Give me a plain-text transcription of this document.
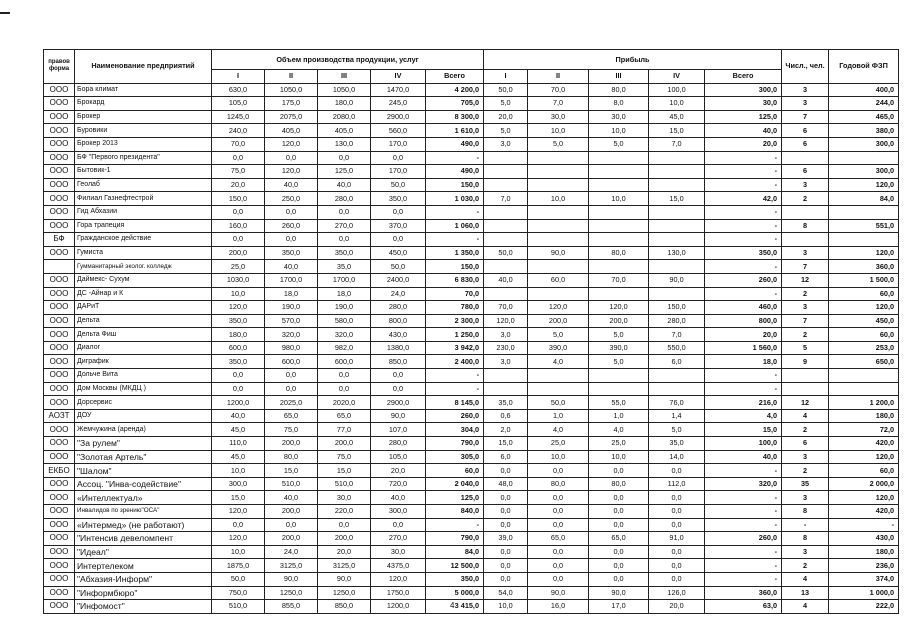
правов форма	Наименование предприятий	Объем производства продукции, услуг					Прибыль					Числ., чел.	Годовой ФЗП
		I	II	III	IV	Всего	I	II	III	IV	Всего		
ООО	Бора климат	630,0	1050,0	1050,0	1470,0	4 200,0	50,0	70,0	80,0	100,0	300,0	3	400,0
ООО	Брокард	105,0	175,0	180,0	245,0	705,0	5,0	7,0	8,0	10,0	30,0	3	244,0
ООО	Брокер	1245,0	2075,0	2080,0	2900,0	8 300,0	20,0	30,0	30,0	45,0	125,0	7	465,0
ООО	Буровики	240,0	405,0	405,0	560,0	1 610,0	5,0	10,0	10,0	15,0	40,0	6	380,0
ООО	Брокер 2013	70,0	120,0	130,0	170,0	490,0	3,0	5,0	5,0	7,0	20,0	6	300,0
ООО	БФ "Первого президента"	0,0	0,0	0,0	0,0	-					-		
ООО	Бытовик-1	75,0	120,0	125,0	170,0	490,0					-	6	300,0
ООО	Геолаб	20,0	40,0	40,0	50,0	150,0					-	3	120,0
ООО	Филиал Газнефтестрой	150,0	250,0	280,0	350,0	1 030,0	7,0	10,0	10,0	15,0	42,0	2	84,0
ООО	Гид Абхазии	0,0	0,0	0,0	0,0	-					-		
ООО	Гора трапеция	160,0	260,0	270,0	370,0	1 060,0					-	8	551,0
БФ	Гражданское действие	0,0	0,0	0,0	0,0	-					-		
ООО	Гумиста	200,0	350,0	350,0	450,0	1 350,0	50,0	90,0	80,0	130,0	350,0	3	120,0
	Гумманитарный эколог. колледж	25,0	40,0	35,0	50,0	150,0					-	7	360,0
ООО	Даймекс- Сухум	1030,0	1700,0	1700,0	2400,0	6 830,0	40,0	60,0	70,0	90,0	260,0	12	1 500,0
ООО	ДС -Айнар и К	10,0	18,0	18,0	24,0	70,0					-	2	60,0
ООО	ДАРиТ	120,0	190,0	190,0	280,0	780,0	70,0	120,0	120,0	150,0	460,0	3	120,0
ООО	Дельта	350,0	570,0	580,0	800,0	2 300,0	120,0	200,0	200,0	280,0	800,0	7	450,0
ООО	Дельта Фиш	180,0	320,0	320,0	430,0	1 250,0	3,0	5,0	5,0	7,0	20,0	2	60,0
ООО	Диалог	600,0	980,0	982,0	1380,0	3 942,0	230,0	390,0	390,0	550,0	1 560,0	5	253,0
ООО	Диграфик	350,0	600,0	600,0	850,0	2 400,0	3,0	4,0	5,0	6,0	18,0	9	650,0
ООО	Дольче Вита	0,0	0,0	0,0	0,0	-					-		
ООО	Дом Москвы (МКДЦ )	0,0	0,0	0,0	0,0	-					-		
ООО	Дорсервис	1200,0	2025,0	2020,0	2900,0	8 145,0	35,0	50,0	55,0	76,0	216,0	12	1 200,0
АОЗТ	ДОУ	40,0	65,0	65,0	90,0	260,0	0,6	1,0	1,0	1,4	4,0	4	180,0
ООО	Жемчужина (аренда)	45,0	75,0	77,0	107,0	304,0	2,0	4,0	4,0	5,0	15,0	2	72,0
ООО	"За рулем"	110,0	200,0	200,0	280,0	790,0	15,0	25,0	25,0	35,0	100,0	6	420,0
ООО	"Золотая Артель"	45,0	80,0	75,0	105,0	305,0	6,0	10,0	10,0	14,0	40,0	3	120,0
ЕКБО	"Шалом"	10,0	15,0	15,0	20,0	60,0	0,0	0,0	0,0	0,0	-	2	60,0
ООО	Ассоц. "Инва-содействие"	300,0	510,0	510,0	720,0	2 040,0	48,0	80,0	80,0	112,0	320,0	35	2 000,0
ООО	«Интеллектуал»	15,0	40,0	30,0	40,0	125,0	0,0	0,0	0,0	0,0	-	3	120,0
ООО	Инвалидов по зрению"ОСА"	120,0	200,0	220,0	300,0	840,0	0,0	0,0	0,0	0,0	-	8	420,0
ООО	«Интермед» (не работают)	0,0	0,0	0,0	0,0	-	0,0	0,0	0,0	0,0	-	-	-
ООО	"Интенсив девеломпент	120,0	200,0	200,0	270,0	790,0	39,0	65,0	65,0	91,0	260,0	8	430,0
ООО	"Идеал"	10,0	24,0	20,0	30,0	84,0	0,0	0,0	0,0	0,0	-	3	180,0
ООО	Интертелеком	1875,0	3125,0	3125,0	4375,0	12 500,0	0,0	0,0	0,0	0,0	-	2	236,0
ООО	"Абхазия-Информ"	50,0	90,0	90,0	120,0	350,0	0,0	0,0	0,0	0,0	-	4	374,0
ООО	"Информбюро"	750,0	1250,0	1250,0	1750,0	5 000,0	54,0	90,0	90,0	126,0	360,0	13	1 000,0
ООО	"Инфомост"	510,0	855,0	850,0	1200,0	3 415,0	10,0	16,0	17,0	20,0	63,0	4	222,0
4
